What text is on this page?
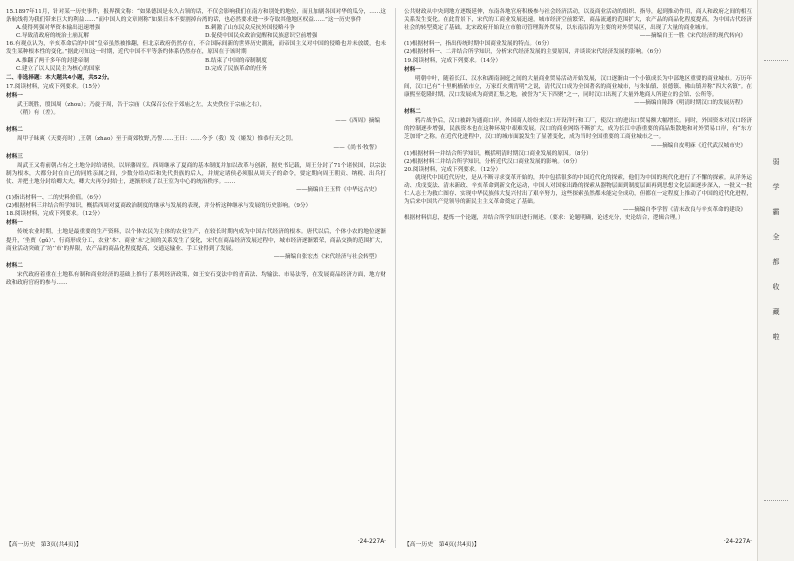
15.1897年11月，针对某一历史事件，报界撰文称：“如果德国是永久占领的话，不仅会影响我们在南方和别处的地位，而且加剧各国对华的瓜分，……这条航线将为我们带来巨大的利益……”而中国人的文章则称“如果日本不要割掉台湾的话，也必然要求进一步夺取其他地区权益……”这一历史事件
A.使得列强对华资本输出迅速增强	B.刺激了山东民众反抗外国侵略斗争
C.导致清政府的统治土崩瓦解	D.促使中国民众政治觉醒和民族意识空前增强
16.有观点认为，辛亥革命后的中国“皇帝虽然被推翻，但北京政府仍然存在，不合国际间新的世界历史潮流，而帝国主义对中国的侵略也并未放缓，也未发生某种根本性的变化。”据此可知这一时期，近代中国不平等条约体系仍然存在，原因在于该时期
A.推翻了两千多年的封建帝制	B.结束了中国的帝制制度
C.建立了以人民民主为核心的国家	D.完成了民族革命的任务
二、非选择题：本大题共4小题，共52分。
17.阅读材料，完成下列要求。（15分）
材料一
武王既胜，殷国周（zhou）；乃旋于周，告于宗庙（太保召公位于郊庙之左，太史佚位于宗庙之右），
（稍）有（差）。
——《西周》摘编
材料二
周甲子昧爽（天要亮时）,王朝（zhao）至于商郊牧野,乃誓……王曰：……今予（我）发（姬发）惟恭行天之罚。
——《尚书·牧誓》
材料三
周武王又将前朝占有之土地分封给诸侯，以屏藩周室。西周继承了夏商的基本制度并加以改革与创新，据史书记载，周王分封了71个诸侯国，以宗法制为根本，大都分封在自已的同姓亲属之间，少数分给功臣和先代贵族的后人，并规定诸侯必须服从周天子的命令，要定期向周王朝贡、纳税、出兵打仗、并把土地分封给卿大夫，卿大夫再分封给士，逐渐形成了以王室为中心的统治秩序。……
——摘编自王玉哲《中华远古史》
(1)指出材料一、二的史料价值。（6分）
(2)根据材料三并结合所学知识，概括西周对夏商政治制度的继承与发展的表现，并分析这种继承与发展的历史影响。（9分）
18.阅读材料，完成下列要求。（12分）
材料一
传统农业时期，土地是最重要的生产资料，以个体农民为主体的农业生产，在较长时期内成为中国古代经济的根本。唐代以后，个体小农的地位逐渐提升，‘坐贾（gǔ）’、行商形成分工，农业‘本’、商业‘末’之间的关系发生了变化，宋代在商品经济发展过程中，城市经济逐渐繁荣，商品交换的范围扩大，商业活动突破了‘坊’‘市’的界限，农产品的商品化程度提高，交通运输业、手工业得到了发展。
——摘编自张宏杰《宋代经济与社会转型》
材料二
宋代政府着重在土地私有制和商业经济的基础上推行了系列经济政策，如王安石变法中的青苗法、均输法、市易法等，在发展商品经济方面，地方财政和政府官府的参与……
【高一历史　第3页(共4页)】	·24-227A·
公共财政从中央到地方逐级延伸，东南各地官府积极参与社会经济活动，以及商业活动的组织、指导，起到推动作用，商人和政府之间的相互关系发生变化。在此背景下，宋代的工商业发展迅速，城市经济空前繁荣，商品流通的范围扩大，农产品的商品化程度提高，为中国古代经济社会的转型奠定了基础。北宋政府开始设立市舶司管理海外贸易，以东南沿海为主要的对外贸易区，出现了大量的商业城市。
——摘编自王一胜《宋代经济的现代转向》
(1)根据材料一，指出传统时期中国商业发展的特点。（6分）
(2)根据材料一、二并结合所学知识，分析宋代经济发展的主要原因，并谈谈宋代经济发展的影响。（6分）
19.阅读材料，完成下列要求。（14分）
材料一
明朝中叶，随着长江、汉水和湖南洞庭之间的大量商业贸易活动开始发展，汉口逐渐由一个小镇成长为中部地区重要的商业城市。万历年间，汉口已有“十里帆樯依市立，万家灯火彻宵明”之说，清代汉口成为全国著名的商业城市，与朱仙镇、景德镇、佛山镇并称“四大名镇”。在康熙至乾隆时期，汉口发展成为商贾汇集之地，被誉为“天下四聚”之一，同时汉口出现了大量外地商人所建立的会馆、公所等。
——摘编自陈锋《明清时期汉口的发展历程》
材料二
鸦片战争后，汉口被辟为通商口岸，外国商人纷纷来汉口开设洋行和工厂，使汉口的进出口贸易额大幅增长。同时，外国资本对汉口经济的控制逐步增强，民族资本也在这种环境中艰难发展。汉口的商业网络不断扩大，成为长江中游重要的商品集散地和对外贸易口岸，有“东方芝加哥”之称。在近代化进程中，汉口的城市面貌发生了显著变化，成为当时全国重要的工商业城市之一。
——摘编自皮明庥《近代武汉城市史》
(1)根据材料一并结合所学知识，概括明清时期汉口商业发展的原因。（8分）
(2)根据材料二并结合所学知识，分析近代汉口商业发展的影响。（6分）
20.阅读材料，完成下列要求。（12分）
就现代中国近代历史，是从不断寻求变革开始的，其中包括很多的中国近代化的探索，他们为中国的现代化进行了不懈的探索。从洋务运动、戊戌变法、清末新政、辛亥革命到新文化运动，中国人对国家出路的探索从器物层面到制度层面再到思想文化层面逐步深入，一批又一批仁人志士为救亡图存、实现中华民族伟大复兴付出了艰辛努力，这些探索虽然都未能完全成功，但都在一定程度上推动了中国的近代化进程，为后来中国共产党领导的新民主主义革命奠定了基础。
——摘编自李学智《清末改良与辛亥革命的建设》
根据材料信息，提炼一个论题，并结合所学知识进行阐述。（要求：论题明确，论述充分，史论结合，逻辑合理。）
【高一历史　第4页(共4页)】	·24-227A·
弱学霸全都收藏啦
